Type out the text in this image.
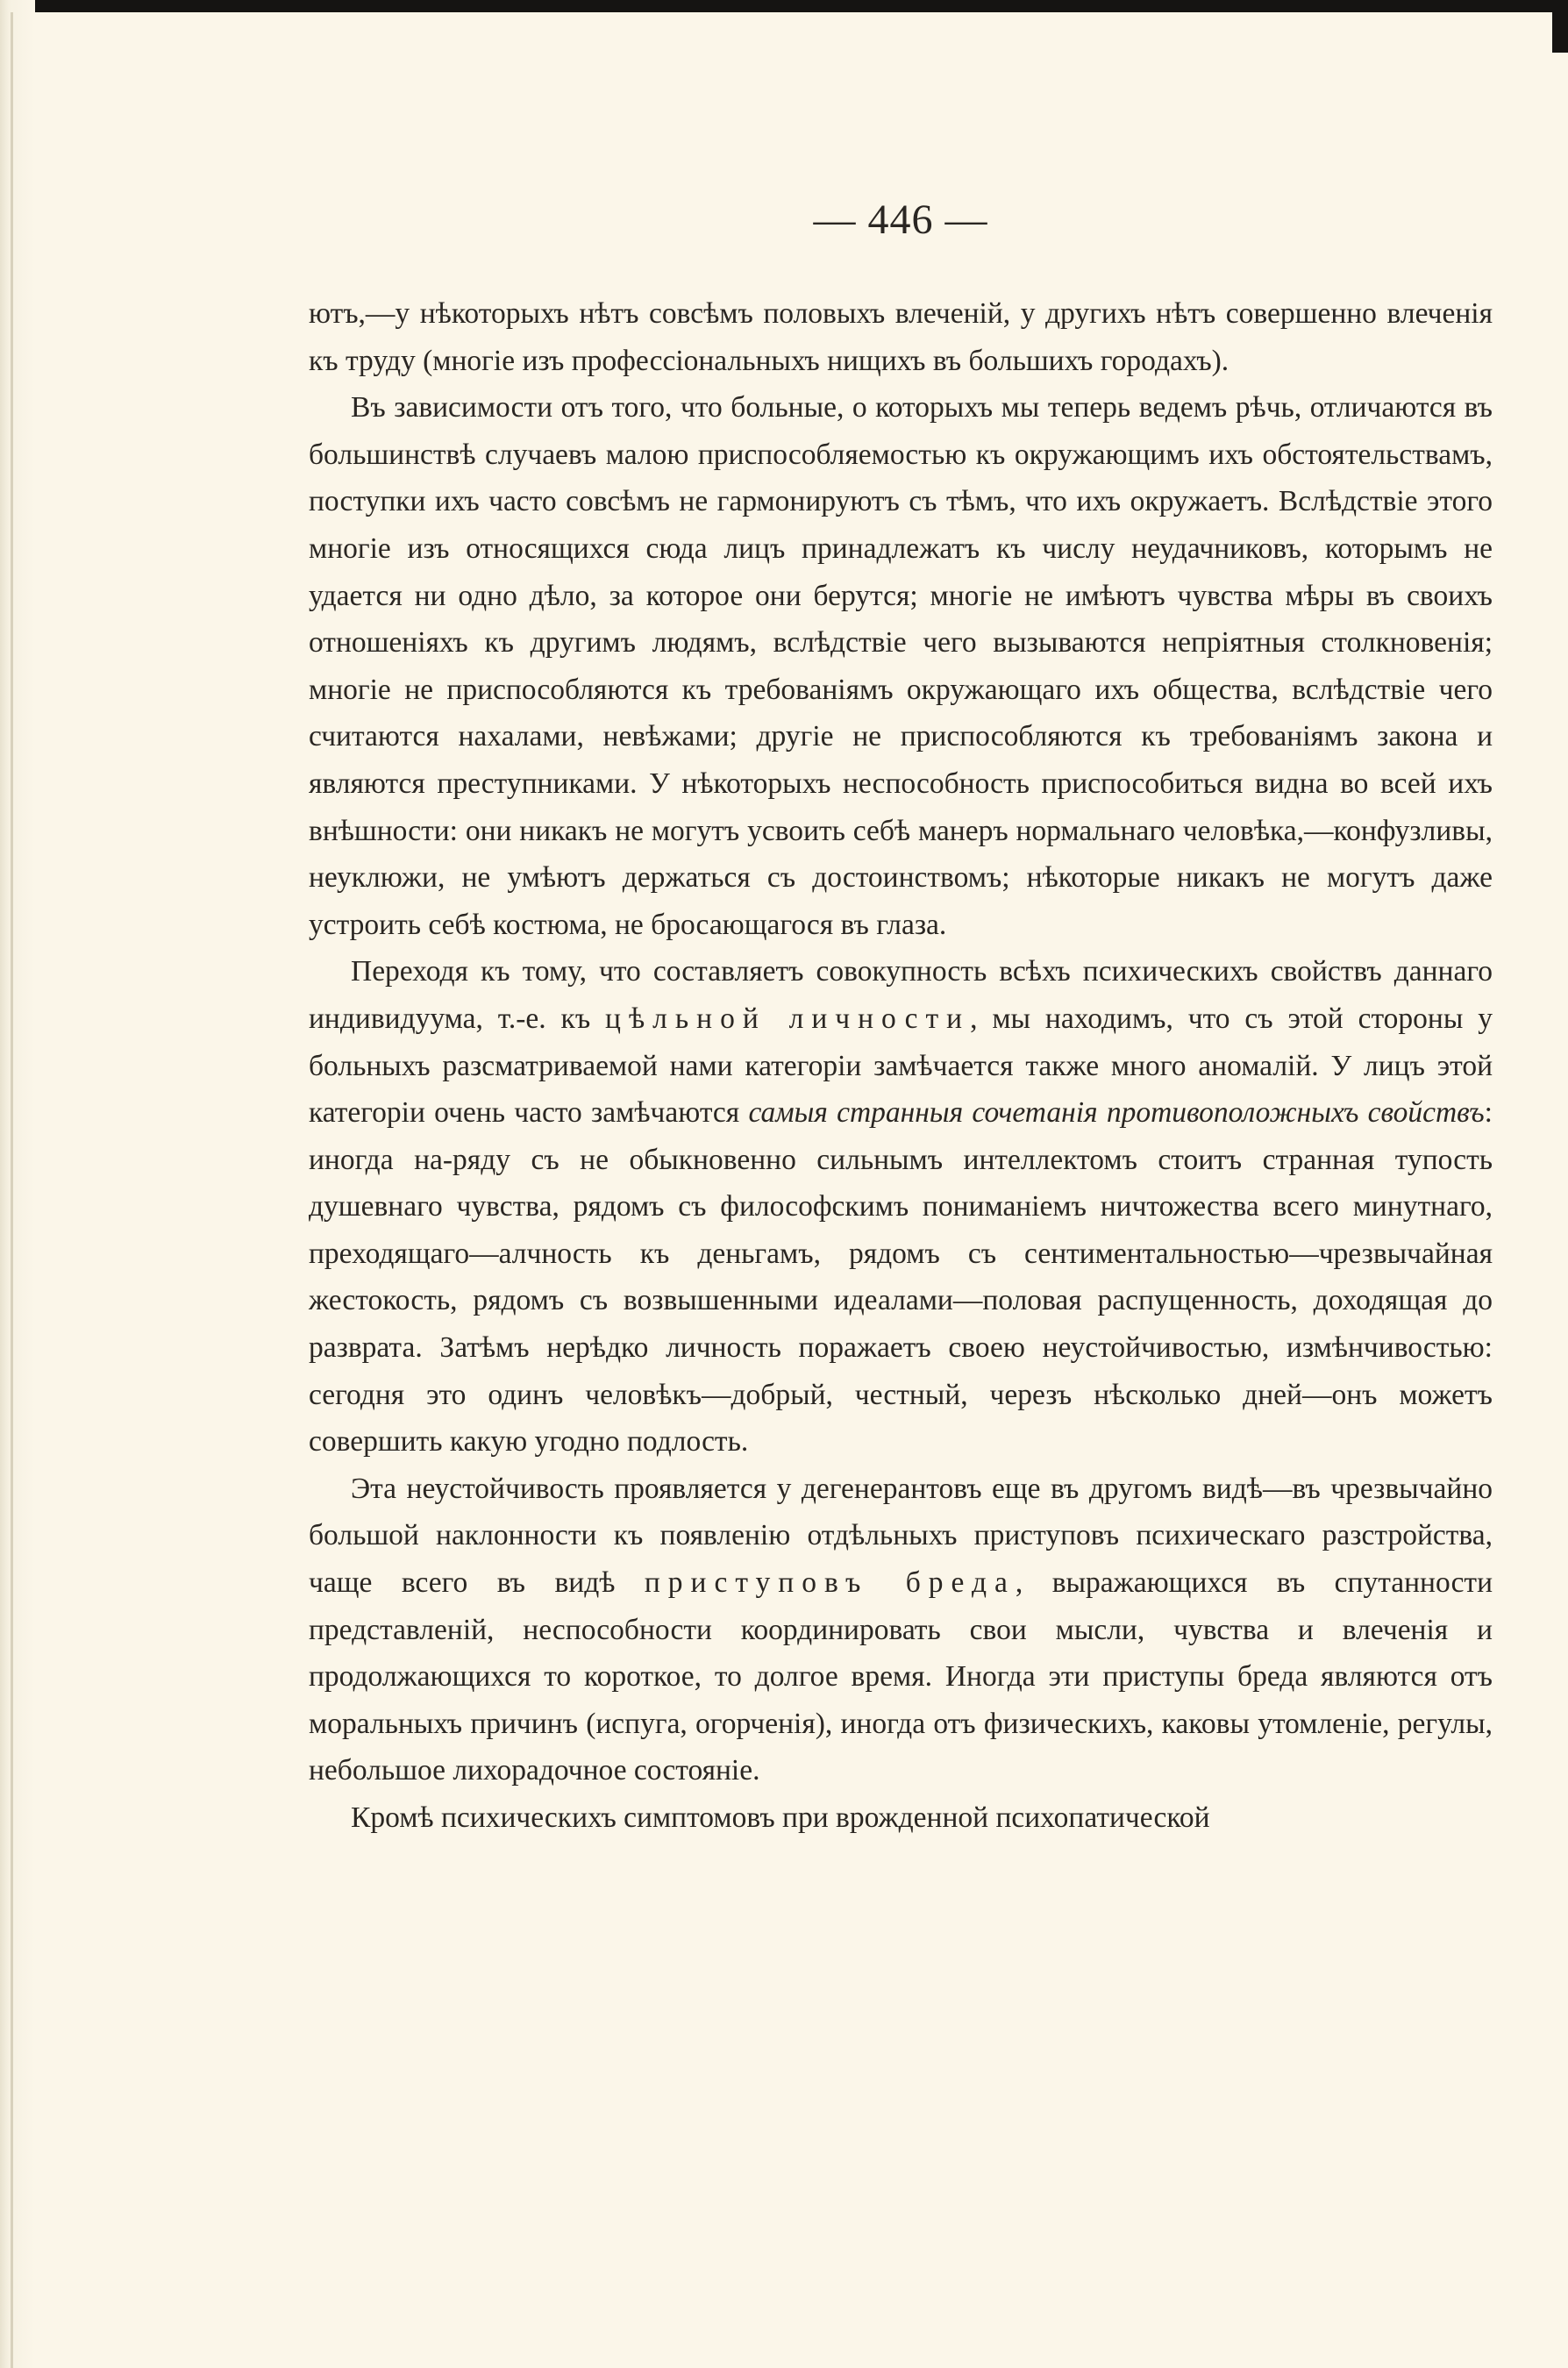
— 446 —

ютъ,—у нѣкоторыхъ нѣтъ совсѣмъ половыхъ влеченій, у другихъ нѣтъ совершенно влеченія къ труду (многіе изъ профессіональныхъ нищихъ въ большихъ городахъ).

Въ зависимости отъ того, что больные, о которыхъ мы теперь ведемъ рѣчь, отличаются въ большинствѣ случаевъ малою приспособляемостью къ окружающимъ ихъ обстоятельствамъ, поступки ихъ часто совсѣмъ не гармонируютъ съ тѣмъ, что ихъ окружаетъ. Вслѣдствіе этого многіе изъ относящихся сюда лицъ принадлежатъ къ числу неудачниковъ, которымъ не удается ни одно дѣло, за которое они берутся; многіе не имѣютъ чувства мѣры въ своихъ отношеніяхъ къ другимъ людямъ, вслѣдствіе чего вызываются непріятныя столкновенія; многіе не приспособляются къ требованіямъ окружающаго ихъ общества, вслѣдствіе чего считаются нахалами, невѣжами; другіе не приспособляются къ требованіямъ закона и являются преступниками. У нѣкоторыхъ неспособность приспособиться видна во всей ихъ внѣшности: они никакъ не могутъ усвоить себѣ манеръ нормальнаго человѣка,—конфузливы, неуклюжи, не умѣютъ держаться съ достоинствомъ; нѣкоторые никакъ не могутъ даже устроить себѣ костюма, не бросающагося въ глаза.

Переходя къ тому, что составляетъ совокупность всѣхъ психическихъ свойствъ даннаго индивидуума, т.-е. къ цѣльной личности, мы находимъ, что съ этой стороны у больныхъ разсматриваемой нами категоріи замѣчается также много аномалій. У лицъ этой категоріи очень часто замѣчаются самыя странныя сочетанія противоположныхъ свойствъ: иногда на-ряду съ не обыкновенно сильнымъ интеллектомъ стоитъ странная тупость душевнаго чувства, рядомъ съ философскимъ пониманіемъ ничтожества всего минутнаго, преходящаго—алчность къ деньгамъ, рядомъ съ сентиментальностью—чрезвычайная жестокость, рядомъ съ возвышенными идеалами—половая распущенность, доходящая до разврата. Затѣмъ нерѣдко личность поражаетъ своею неустойчивостью, измѣнчивостью: сегодня это одинъ человѣкъ—добрый, честный, черезъ нѣсколько дней—онъ можетъ совершить какую угодно подлость.

Эта неустойчивость проявляется у дегенерантовъ еще въ другомъ видѣ—въ чрезвычайно большой наклонности къ появленію отдѣльныхъ приступовъ психическаго разстройства, чаще всего въ видѣ приступовъ бреда, выражающихся въ спутанности представленій, неспособности координировать свои мысли, чувства и влеченія и продолжающихся то короткое, то долгое время. Иногда эти приступы бреда являются отъ моральныхъ причинъ (испуга, огорченія), иногда отъ физическихъ, каковы утомленіе, регулы, небольшое лихорадочное состояніе.

Кромѣ психическихъ симптомовъ при врожденной психопатической
